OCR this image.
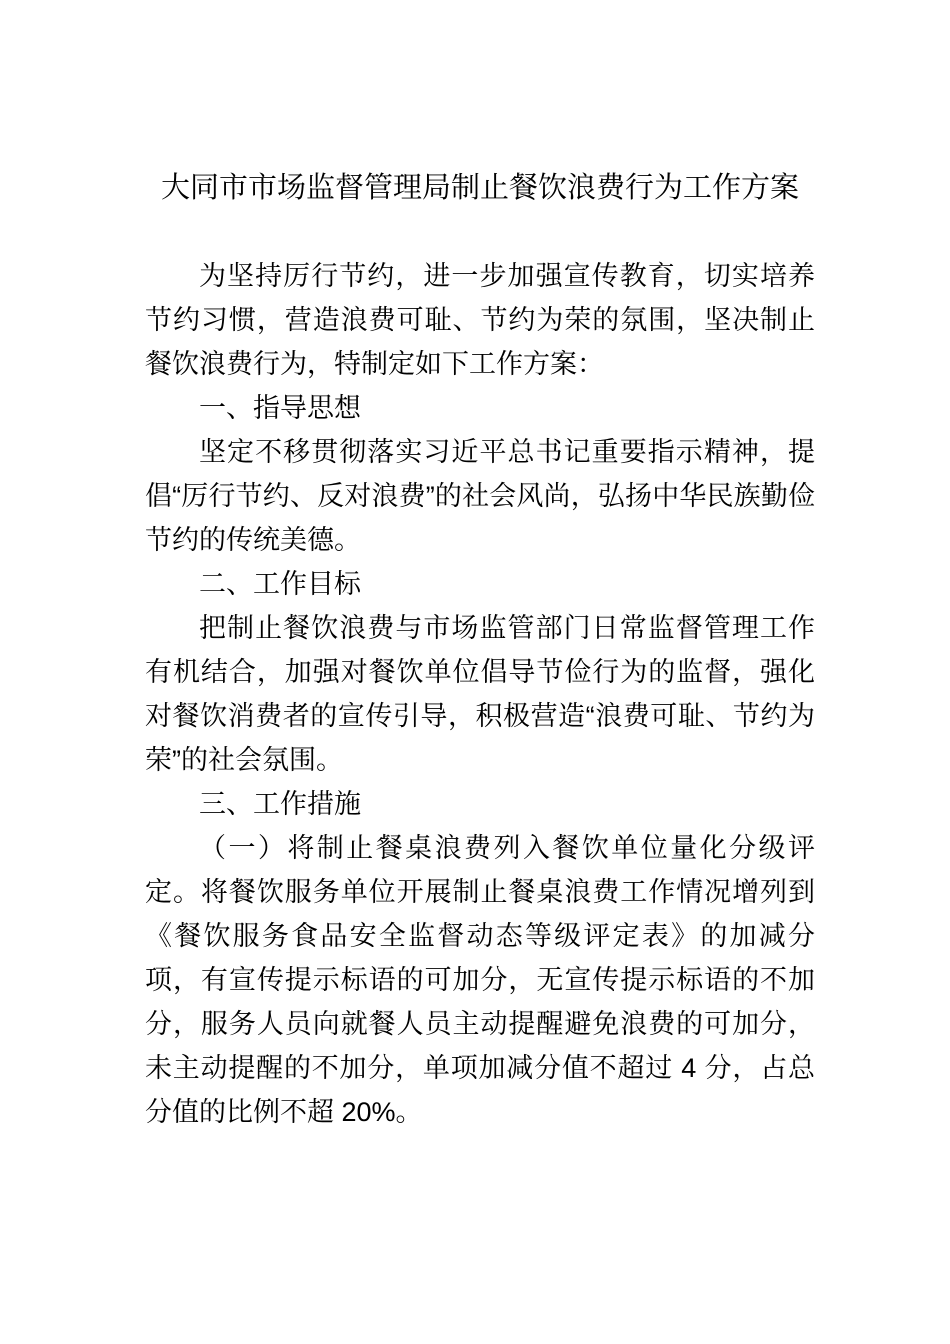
大同市市场监督管理局制止餐饮浪费行为工作方案

为坚持厉行节约，进一步加强宣传教育，切实培养节约习惯，营造浪费可耻、节约为荣的氛围，坚决制止餐饮浪费行为，特制定如下工作方案：

一、指导思想

坚定不移贯彻落实习近平总书记重要指示精神，提倡“厉行节约、反对浪费”的社会风尚，弘扬中华民族勤俭节约的传统美德。

二、工作目标

把制止餐饮浪费与市场监管部门日常监督管理工作有机结合，加强对餐饮单位倡导节俭行为的监督，强化对餐饮消费者的宣传引导，积极营造“浪费可耻、节约为荣”的社会氛围。

三、工作措施

（一）将制止餐桌浪费列入餐饮单位量化分级评定。将餐饮服务单位开展制止餐桌浪费工作情况增列到《餐饮服务食品安全监督动态等级评定表》的加减分项，有宣传提示标语的可加分，无宣传提示标语的不加分，服务人员向就餐人员主动提醒避免浪费的可加分，未主动提醒的不加分，单项加减分值不超过 4 分，占总分值的比例不超 20%。
